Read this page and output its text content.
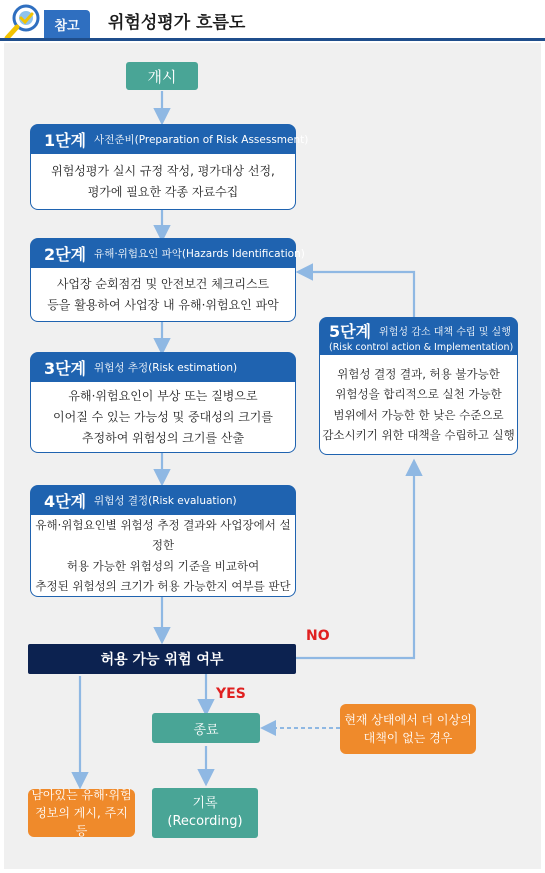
참고	위험성평가 흐름도
개시
1단계 사전준비(Preparation of Risk Assessment)
위험성평가 실시 규정 작성, 평가대상 선정,
평가에 필요한 각종 자료수집
2단계 유해·위험요인 파악(Hazards Identification)
사업장 순회점검 및 안전보건 체크리스트
등을 활용하여 사업장 내 유해·위험요인 파악
3단계 위험성 추정(Risk estimation)
유해·위험요인이 부상 또는 질병으로
이어질 수 있는 가능성 및 중대성의 크기를
추정하여 위험성의 크기를 산출
4단계 위험성 결정(Risk evaluation)
유해·위험요인별 위험성 추정 결과와 사업장에서 설정한
허용 가능한 위험성의 기준을 비교하여
추정된 위험성의 크기가 허용 가능한지 여부를 판단
5단계 위험성 감소 대책 수립 및 실행
(Risk control action & Implementation)
위험성 결정 결과, 허용 불가능한
위험성을 합리적으로 실천 가능한
범위에서 가능한 한 낮은 수준으로
감소시키기 위한 대책을 수립하고 실행
허용 가능 위험 여부
NO
YES
종료
기록
(Recording)
남아있는 유해·위험
정보의 게시, 주지 등
현재 상태에서 더 이상의
대책이 없는 경우
